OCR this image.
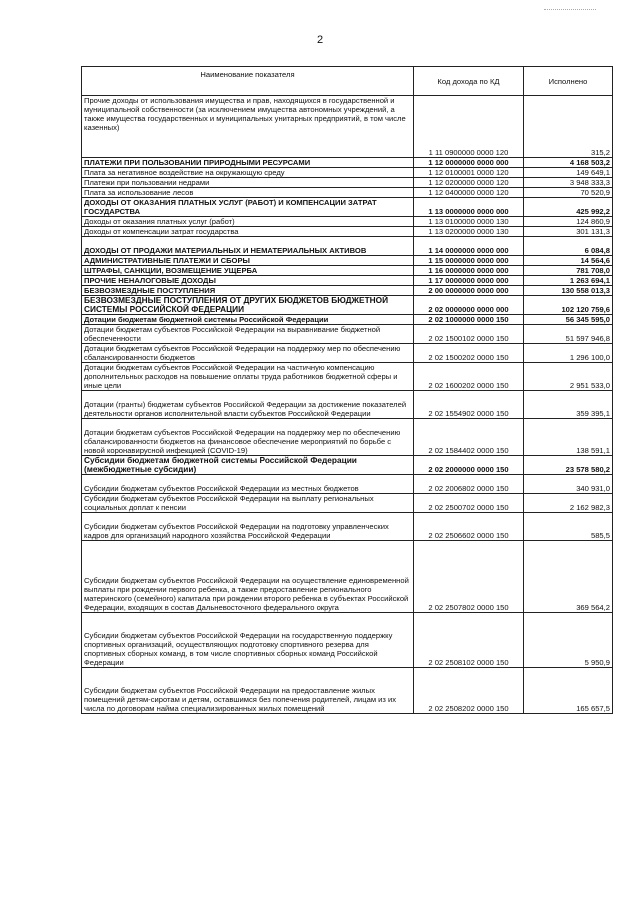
2
Наименование показателя	Код дохода по КД	Исполнено
Прочие доходы от использования имущества и прав, находящихся в государственной и муниципальной собственности (за исключением имущества автономных учреждений, а также имущества государственных и муниципальных унитарных предприятий, в том числе казенных)	1 11 0900000 0000 120	315,2
ПЛАТЕЖИ ПРИ ПОЛЬЗОВАНИИ ПРИРОДНЫМИ РЕСУРСАМИ	1 12 0000000 0000 000	4 168 503,2
Плата за негативное воздействие на окружающую среду	1 12 0100001 0000 120	149 649,1
Платежи при пользовании недрами	1 12 0200000 0000 120	3 948 333,3
Плата за использование лесов	1 12 0400000 0000 120	70 520,9
ДОХОДЫ ОТ ОКАЗАНИЯ ПЛАТНЫХ УСЛУГ (РАБОТ) И КОМПЕНСАЦИИ ЗАТРАТ ГОСУДАРСТВА	1 13 0000000 0000 000	425 992,2
Доходы от оказания платных услуг (работ)	1 13 0100000 0000 130	124 860,9
Доходы от компенсации затрат государства	1 13 0200000 0000 130	301 131,3
ДОХОДЫ ОТ ПРОДАЖИ МАТЕРИАЛЬНЫХ И НЕМАТЕРИАЛЬНЫХ АКТИВОВ	1 14 0000000 0000 000	6 084,8
АДМИНИСТРАТИВНЫЕ ПЛАТЕЖИ И СБОРЫ	1 15 0000000 0000 000	14 564,6
ШТРАФЫ, САНКЦИИ, ВОЗМЕЩЕНИЕ УЩЕРБА	1 16 0000000 0000 000	781 708,0
ПРОЧИЕ НЕНАЛОГОВЫЕ ДОХОДЫ	1 17 0000000 0000 000	1 263 694,1
БЕЗВОЗМЕЗДНЫЕ ПОСТУПЛЕНИЯ	2 00 0000000 0000 000	130 558 013,3
БЕЗВОЗМЕЗДНЫЕ ПОСТУПЛЕНИЯ ОТ ДРУГИХ БЮДЖЕТОВ БЮДЖЕТНОЙ СИСТЕМЫ РОССИЙСКОЙ ФЕДЕРАЦИИ	2 02 0000000 0000 000	102 120 759,6
Дотации бюджетам бюджетной системы Российской Федерации	2 02 1000000 0000 150	56 345 595,0
Дотации бюджетам субъектов Российской Федерации на выравнивание бюджетной обеспеченности	2 02 1500102 0000 150	51 597 946,8
Дотации бюджетам субъектов Российской Федерации на поддержку мер по обеспечению сбалансированности бюджетов	2 02 1500202 0000 150	1 296 100,0
Дотации бюджетам субъектов Российской Федерации на частичную компенсацию дополнительных расходов на повышение оплаты труда работников бюджетной сферы и иные цели	2 02 1600202 0000 150	2 951 533,0
Дотации (гранты) бюджетам субъектов Российской Федерации за достижение показателей деятельности органов исполнительной власти субъектов Российской Федерации	2 02 1554902 0000 150	359 395,1
Дотации бюджетам субъектов Российской Федерации на поддержку мер по обеспечению сбалансированности бюджетов на финансовое обеспечение мероприятий по борьбе с новой коронавирусной инфекцией (COVID-19)	2 02 1584402 0000 150	138 591,1
Субсидии бюджетам бюджетной системы Российской Федерации (межбюджетные субсидии)	2 02 2000000 0000 150	23 578 580,2
Субсидии бюджетам субъектов Российской Федерации из местных бюджетов	2 02 2006802 0000 150	340 931,0
Субсидии бюджетам субъектов Российской Федерации на выплату региональных социальных доплат к пенсии	2 02 2500702 0000 150	2 162 982,3
Субсидии бюджетам субъектов Российской Федерации на подготовку управленческих кадров для организаций народного хозяйства Российской Федерации	2 02 2506602 0000 150	585,5
Субсидии бюджетам субъектов Российской Федерации на осуществление единовременной выплаты при рождении первого ребенка, а также предоставление регионального материнского (семейного) капитала при рождении второго ребенка в субъектах Российской Федерации, входящих в состав Дальневосточного федерального округа	2 02 2507802 0000 150	369 564,2
Субсидии бюджетам субъектов Российской Федерации на государственную поддержку спортивных организаций, осуществляющих подготовку спортивного резерва для спортивных сборных команд, в том числе спортивных сборных команд Российской Федерации	2 02 2508102 0000 150	5 950,9
Субсидии бюджетам субъектов Российской Федерации на предоставление жилых помещений детям-сиротам и детям, оставшимся без попечения родителей, лицам из их числа по договорам найма специализированных жилых помещений	2 02 2508202 0000 150	165 657,5
